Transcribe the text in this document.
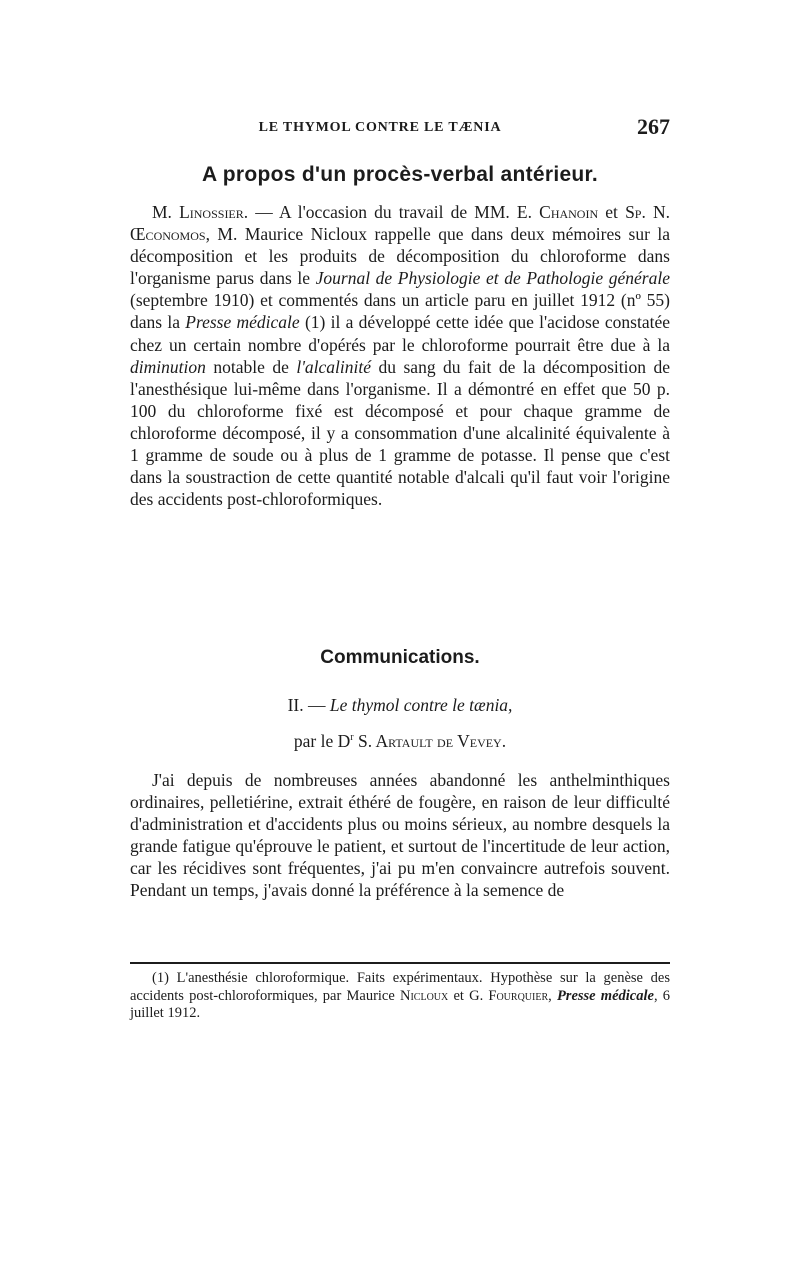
LE THYMOL CONTRE LE TÆNIA	267
A propos d'un procès-verbal antérieur.
M. Linossier. — A l'occasion du travail de MM. E. Chanoin et Sp. N. Œconomos, M. Maurice Nicloux rappelle que dans deux mémoires sur la décomposition et les produits de décomposition du chloroforme dans l'organisme parus dans le Journal de Physiologie et de Pathologie générale (septembre 1910) et commentés dans un article paru en juillet 1912 (nº 55) dans la Presse médicale (1) il a développé cette idée que l'acidose constatée chez un certain nombre d'opérés par le chloroforme pourrait être due à la diminution notable de l'alcalinité du sang du fait de la décomposition de l'anesthésique lui-même dans l'organisme. Il a démontré en effet que 50 p. 100 du chloroforme fixé est décomposé et pour chaque gramme de chloroforme décomposé, il y a consommation d'une alcalinité équivalente à 1 gramme de soude ou à plus de 1 gramme de potasse. Il pense que c'est dans la soustraction de cette quantité notable d'alcali qu'il faut voir l'origine des accidents post-chloroformiques.
Communications.
II. — Le thymol contre le tænia,
par le $D^r$ S. Artault de Vevey.
J'ai depuis de nombreuses années abandonné les anthelminthiques ordinaires, pelletiérine, extrait éthéré de fougère, en raison de leur difficulté d'administration et d'accidents plus ou moins sérieux, au nombre desquels la grande fatigue qu'éprouve le patient, et surtout de l'incertitude de leur action, car les récidives sont fréquentes, j'ai pu m'en convaincre autrefois souvent. Pendant un temps, j'avais donné la préférence à la semence de
(1) L'anesthésie chloroformique. Faits expérimentaux. Hypothèse sur la genèse des accidents post-chloroformiques, par Maurice Nicloux et G. Fourquier, Presse médicale, 6 juillet 1912.
